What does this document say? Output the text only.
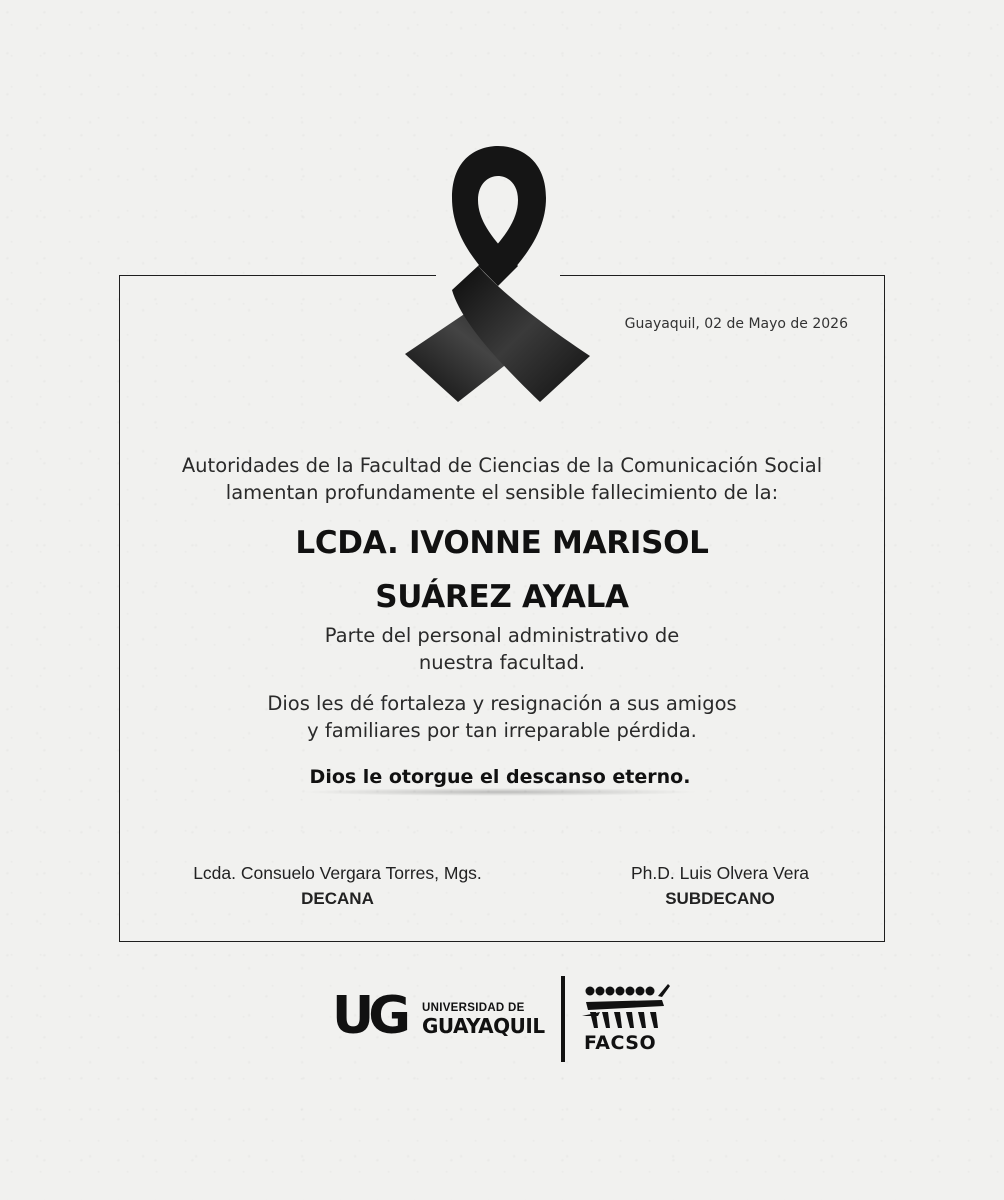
Guayaquil, 02 de Mayo de 2026
Autoridades de la Facultad de Ciencias de la Comunicación Social
lamentan profundamente el sensible fallecimiento de la:
LCDA. IVONNE MARISOL
SUÁREZ AYALA
Parte del personal administrativo de
nuestra facultad.
Dios les dé fortaleza y resignación a sus amigos
y familiares por tan irreparable pérdida.
Dios le otorgue el descanso eterno.
Lcda. Consuelo Vergara Torres, Mgs.
DECANA
Ph.D. Luis Olvera Vera
SUBDECANO
UG UNIVERSIDAD DE
GUAYAQUIL
FACSO
